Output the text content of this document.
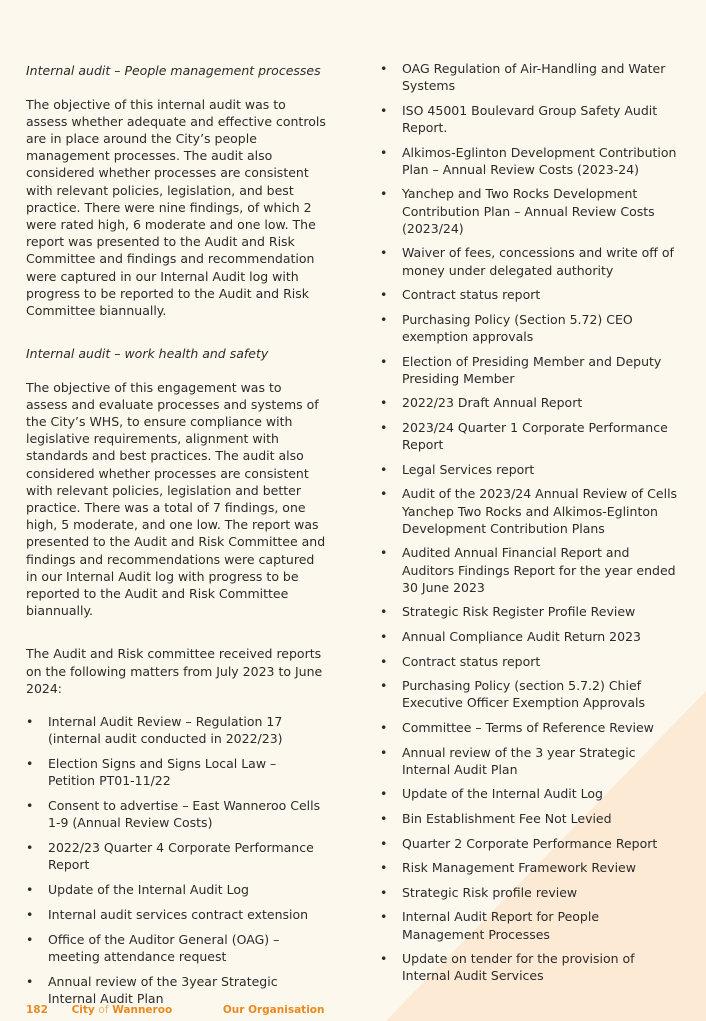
Internal audit – People management processes

The objective of this internal audit was to assess whether adequate and effective controls are in place around the City’s people management processes. The audit also considered whether processes are consistent with relevant policies, legislation, and best practice. There were nine findings, of which 2 were rated high, 6 moderate and one low. The report was presented to the Audit and Risk Committee and findings and recommendation were captured in our Internal Audit log with progress to be reported to the Audit and Risk Committee biannually.

Internal audit – work health and safety

The objective of this engagement was to assess and evaluate processes and systems of the City’s WHS, to ensure compliance with legislative requirements, alignment with standards and best practices. The audit also considered whether processes are consistent with relevant policies, legislation and better practice. There was a total of 7 findings, one high, 5 moderate, and one low. The report was presented to the Audit and Risk Committee and findings and recommendations were captured in our Internal Audit log with progress to be reported to the Audit and Risk Committee biannually.

The Audit and Risk committee received reports on the following matters from July 2023 to June 2024:

• Internal Audit Review – Regulation 17 (internal audit conducted in 2022/23)
• Election Signs and Signs Local Law – Petition PT01-11/22
• Consent to advertise – East Wanneroo Cells 1-9 (Annual Review Costs)
• 2022/23 Quarter 4 Corporate Performance Report
• Update of the Internal Audit Log
• Internal audit services contract extension
• Office of the Auditor General (OAG) – meeting attendance request
• Annual review of the 3year Strategic Internal Audit Plan
• OAG Regulation of Air-Handling and Water Systems
• ISO 45001 Boulevard Group Safety Audit Report.
• Alkimos-Eglinton Development Contribution Plan – Annual Review Costs (2023-24)
• Yanchep and Two Rocks Development Contribution Plan – Annual Review Costs (2023/24)
• Waiver of fees, concessions and write off of money under delegated authority
• Contract status report
• Purchasing Policy (Section 5.72) CEO exemption approvals
• Election of Presiding Member and Deputy Presiding Member
• 2022/23 Draft Annual Report
• 2023/24 Quarter 1 Corporate Performance Report
• Legal Services report
• Audit of the 2023/24 Annual Review of Cells Yanchep Two Rocks and Alkimos-Eglinton Development Contribution Plans
• Audited Annual Financial Report and Auditors Findings Report for the year ended 30 June 2023
• Strategic Risk Register Profile Review
• Annual Compliance Audit Return 2023
• Contract status report
• Purchasing Policy (section 5.7.2) Chief Executive Officer Exemption Approvals
• Committee – Terms of Reference Review
• Annual review of the 3 year Strategic Internal Audit Plan
• Update of the Internal Audit Log
• Bin Establishment Fee Not Levied
• Quarter 2 Corporate Performance Report
• Risk Management Framework Review
• Strategic Risk profile review
• Internal Audit Report for People Management Processes
• Update on tender for the provision of Internal Audit Services
182 City of Wanneroo	Our Organisation
